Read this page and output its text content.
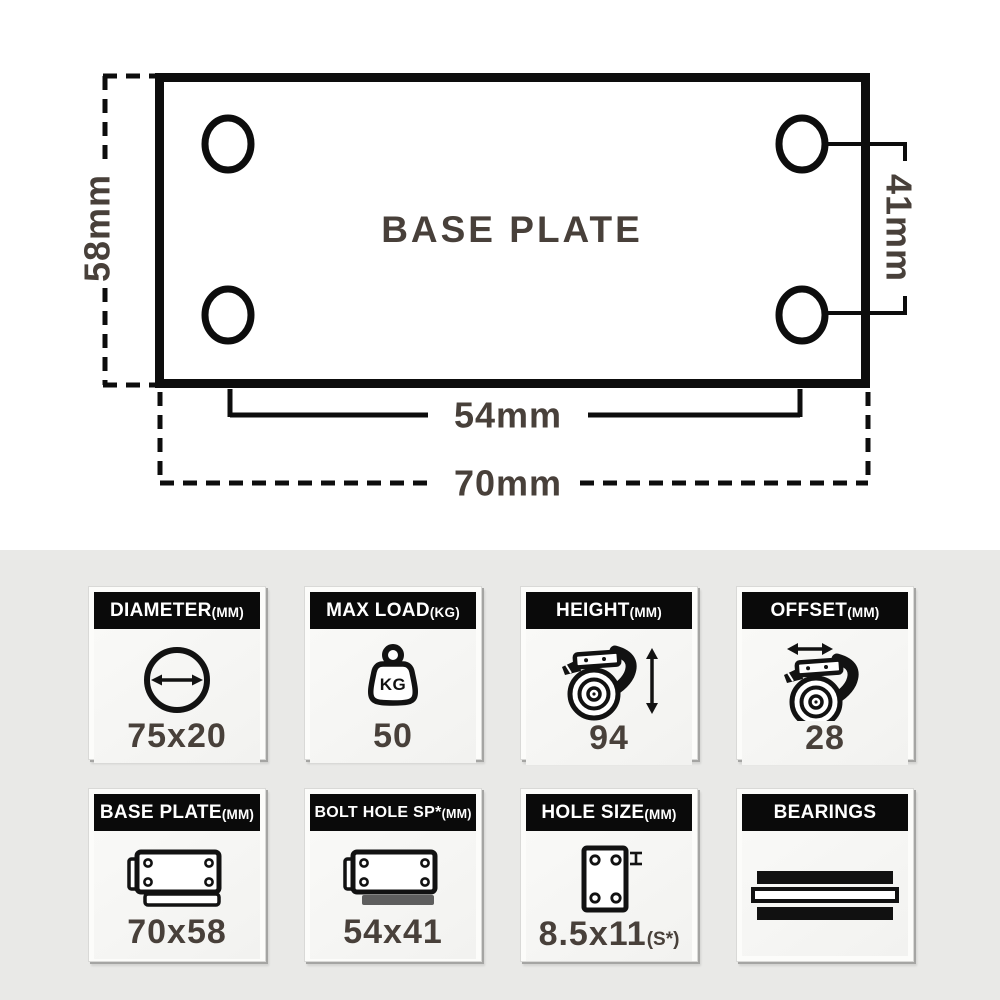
BASE PLATE
58mm	41mm
54mm
70mm
DIAMETER (MM)
75x20
MAX LOAD (KG)
KG
50
HEIGHT (MM)
94
OFFSET (MM)
28
BASE PLATE (MM)
70x58
BOLT HOLE SP* (MM)
54x41
HOLE SIZE (MM)
8.5x11 (S*)
BEARINGS
